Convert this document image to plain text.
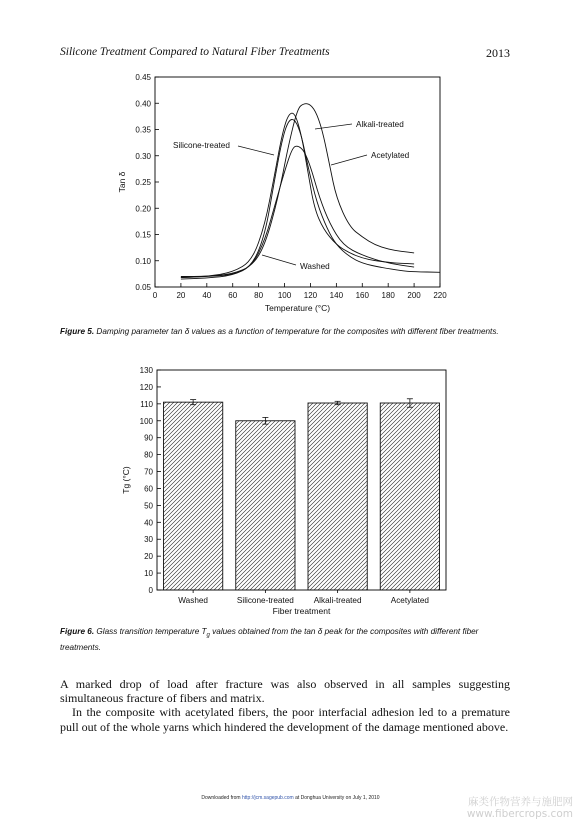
Silicone Treatment Compared to Natural Fiber Treatments	2013
0 20 40 60 80 100 120 140 160 180 200 220
0.05
0.10
0.15
0.20
0.25
0.30
0.35
0.40
0.45
Temperature (°C)
Tan δ
Alkali-treated
Silicone-treated
Acetylated
Washed
Figure 5. Damping parameter tan δ values as a function of temperature for the composites with different fiber treatments.
0
10
20
30
40
50
60
70
80
90
100
110
120
130
Washed	Silicone-treated Alkali-treated	Acetylated
Fiber treatment
Tg (°C)
Figure 6. Glass transition temperature $T_g$ values obtained from the tan δ peak for the composites with different fiber treatments.

A marked drop of load after fracture was also observed in all samples suggesting simultaneous fracture of fibers and matrix.

In the composite with acetylated fibers, the poor interfacial adhesion led to a premature pull out of the whole yarns which hindered the development of the damage mentioned above.

Downloaded from http://jcm.sagepub.com at Donghua University on July 1, 2010	麻类作物营养与施肥网
www.fibercrops.com
